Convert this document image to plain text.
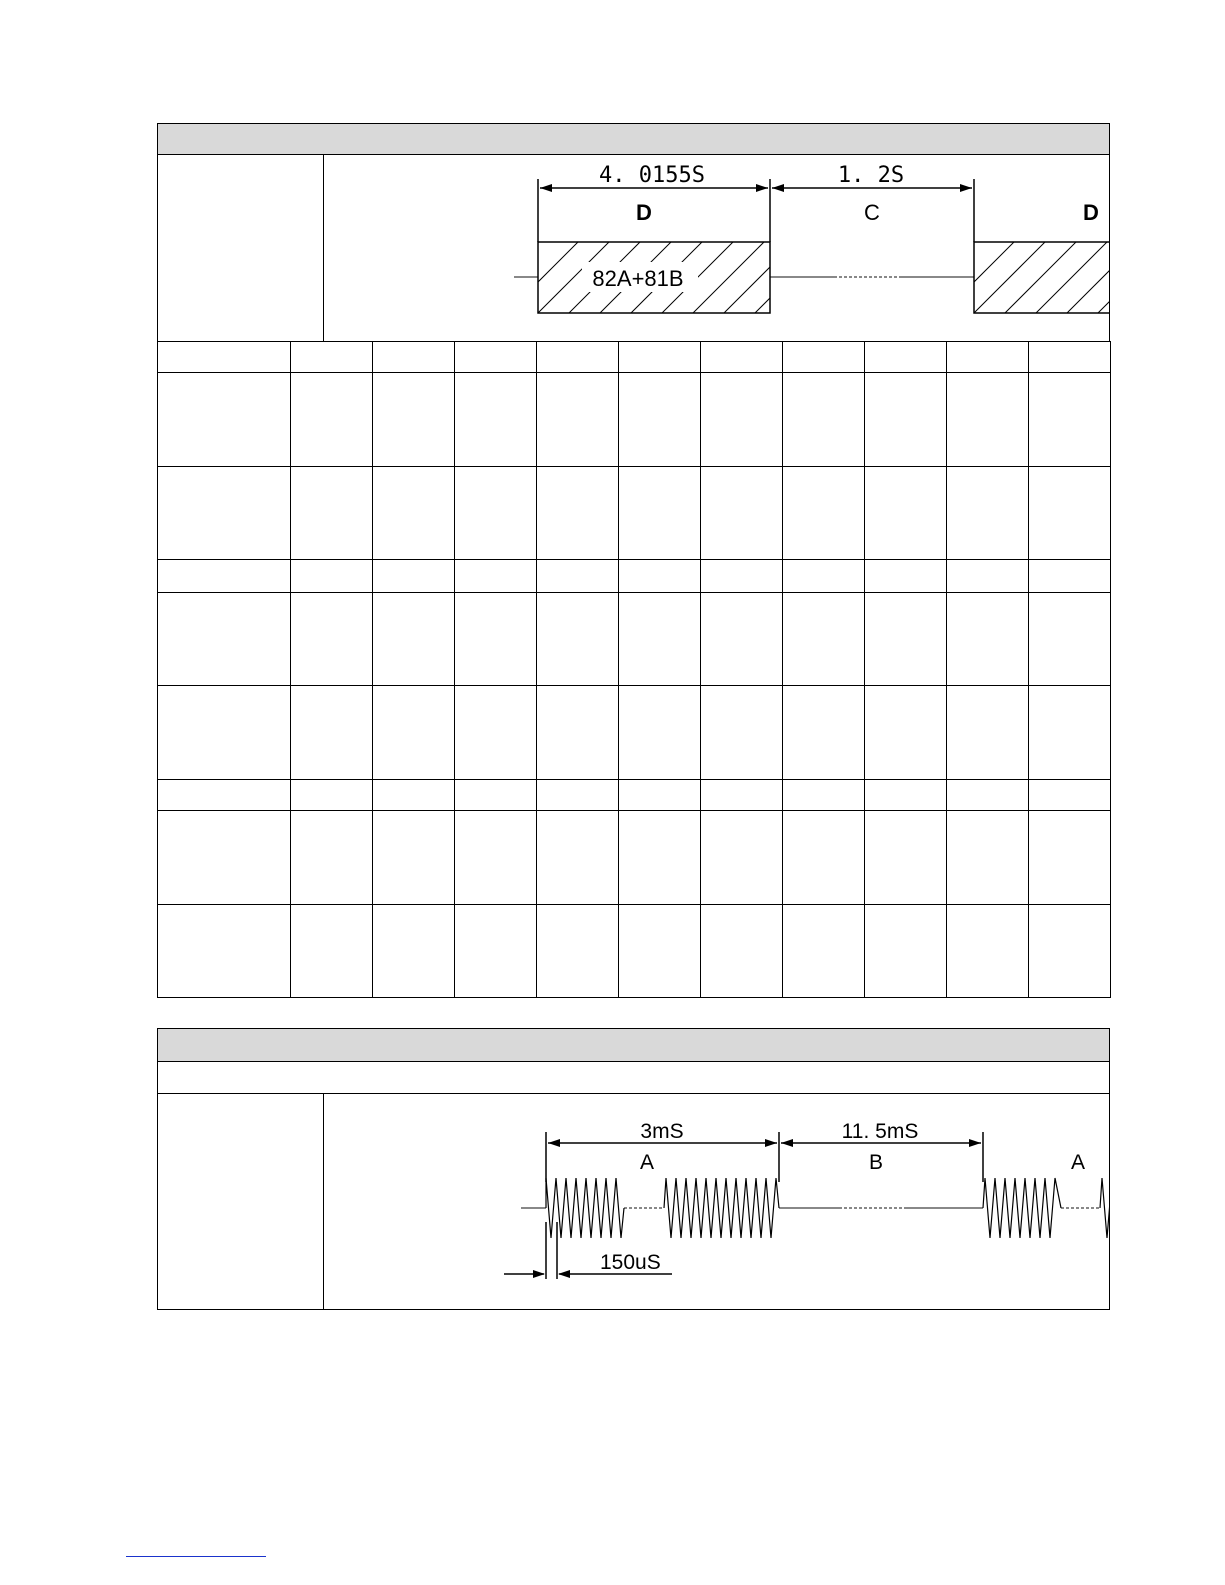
4. 0155S	1. 2S
D	C	D
82A+81B

3mS	11. 5mS
A	B	A
150uS
